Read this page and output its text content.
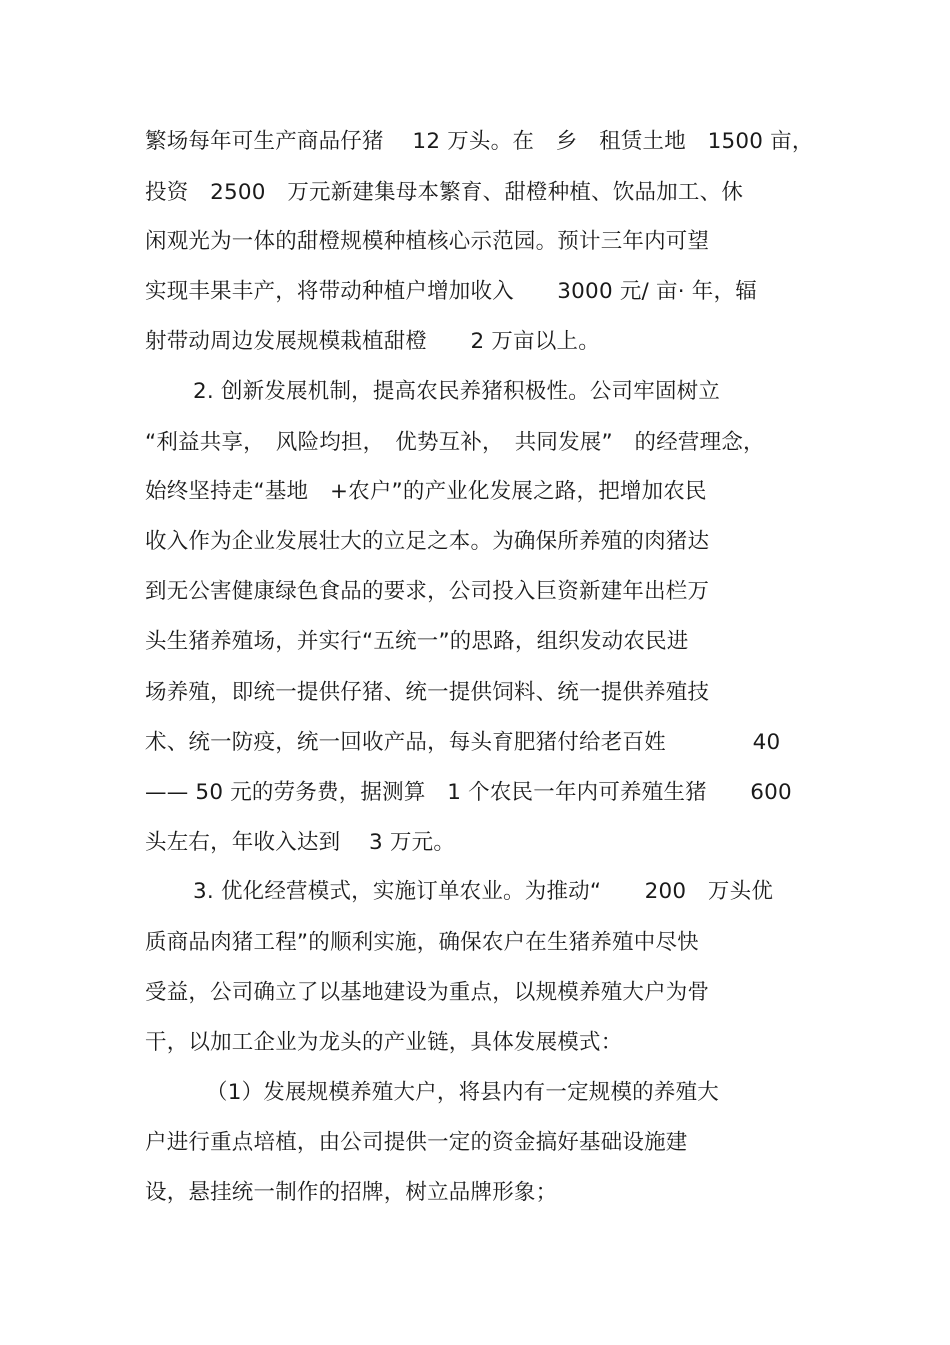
繁场每年可生产商品仔猪　 12 万头。在　乡　租赁土地　1500 亩，
投资　2500　万元新建集母本繁育、甜橙种植、饮品加工、休
闲观光为一体的甜橙规模种植核心示范园。预计三年内可望
实现丰果丰产，将带动种植户增加收入　　3000 元/ 亩· 年，辐
射带动周边发展规模栽植甜橙　　2 万亩以上。
2. 创新发展机制，提高农民养猪积极性。公司牢固树立
“利益共享，　风险均担，　优势互补，　共同发展”　的经营理念，
始终坚持走“基地　+农户”的产业化发展之路，把增加农民
收入作为企业发展壮大的立足之本。为确保所养殖的肉猪达
到无公害健康绿色食品的要求，公司投入巨资新建年出栏万
头生猪养殖场，并实行“五统一”的思路，组织发动农民进
场养殖，即统一提供仔猪、统一提供饲料、统一提供养殖技
术、统一防疫，统一回收产品，每头育肥猪付给老百姓　　　　40
—— 50 元的劳务费，据测算　1 个农民一年内可养殖生猪　　600
头左右，年收入达到　 3 万元。
3. 优化经营模式，实施订单农业。为推动“　　200　万头优
质商品肉猪工程”的顺利实施，确保农户在生猪养殖中尽快
受益，公司确立了以基地建设为重点，以规模养殖大户为骨
干，以加工企业为龙头的产业链，具体发展模式：
（1）发展规模养殖大户，将县内有一定规模的养殖大
户进行重点培植，由公司提供一定的资金搞好基础设施建
设，悬挂统一制作的招牌，树立品牌形象；
